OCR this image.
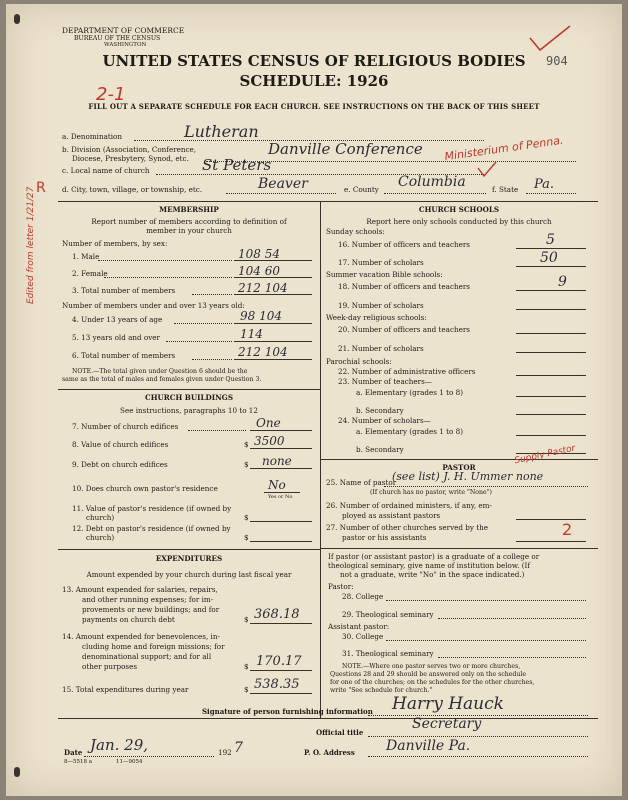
DEPARTMENT OF COMMERCE
BUREAU OF THE CENSUS
WASHINGTON
UNITED STATES CENSUS OF RELIGIOUS BODIES
SCHEDULE: 1926
904
2-1
FILL OUT A SEPARATE SCHEDULE FOR EACH CHURCH. SEE INSTRUCTIONS ON THE BACK OF THIS SHEET
a. Denomination	Lutheran
b. Division (Association, Conference,
Diocese, Presbytery, Synod, etc.
Danville Conference Ministerium of Penna.
c. Local name of church	St Peters
d. City, town, village, or township, etc.	Beaver	e. County Columbia	f. State Pa.
R
Edited from letter 1/21/27	MEMBERSHIP
Report number of members according to definition of
member in your church
Number of members, by sex:
1. Male	108 54
2. Female	104 60
3. Total number of members	212 104
Number of members under and over 13 years old:
4. Under 13 years of age	98 104
5. 13 years old and over	114
6. Total number of members	212 104
NOTE.—The total given under Question 6 should be the
same as the total of males and females given under Question 3.
CHURCH BUILDINGS
See instructions, paragraphs 10 to 12
7. Number of church edifices	One
8. Value of church edifices	$ 3500
9. Debt on church edifices	$ none
10. Does church own pastor's residence	No
Yes or No
11. Value of pastor's residence (if owned by
church)	$
12. Debt on pastor's residence (if owned by
church)	$
EXPENDITURES
Amount expended by your church during last fiscal year
13. Amount expended for salaries, repairs,
and other running expenses; for im-
provements or new buildings; and for
payments on church debt	$ 368.18
14. Amount expended for benevolences, in-
cluding home and foreign missions; for
denominational support; and for all
other purposes	$ 170.17
15. Total expenditures during year	$ 538.35
CHURCH SCHOOLS
Report here only schools conducted by this church
Sunday schools:
16. Number of officers and teachers	5
17. Number of scholars	50
Summer vacation Bible schools:
18. Number of officers and teachers	9
19. Number of scholars
Week-day religious schools:
20. Number of officers and teachers
21. Number of scholars
Parochial schools:
22. Number of administrative officers
23. Number of teachers—
a. Elementary (grades 1 to 8)
b. Secondary
24. Number of scholars—
a. Elementary (grades 1 to 8)
b. Secondary
PASTOR
Supply Pastor
25. Name of pastor
(see list) J. H. Ummer none
(If church has no pastor, write "None")
26. Number of ordained ministers, if any, em-
ployed as assistant pastors
27. Number of other churches served by the
pastor or his assistants	2
If pastor (or assistant pastor) is a graduate of a college or
theological seminary, give name of institution below. (If
not a graduate, write "No" in the space indicated.)
Pastor:
28. College
29. Theological seminary
Assistant pastor:
30. College
31. Theological seminary
NOTE.—Where one pastor serves two or more churches,
Questions 28 and 29 should be answered only on the schedule
for one of the churches; on the schedules for the other churches,
write "See schedule for church."
Signature of person furnishing information Harry Hauck
Official title
Secretary
Date Jan. 29,	192 7	P. O. Address Danville Pa.
8—5518 a	11—9054
